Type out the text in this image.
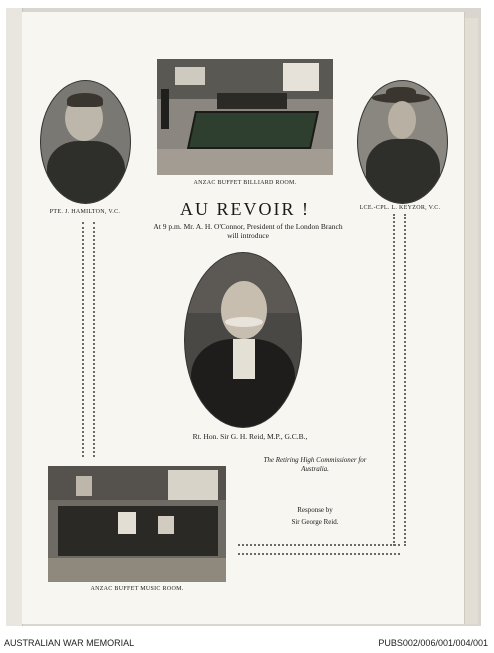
ANZAC BUFFET BILLIARD ROOM.
PTE. J. HAMILTON, V.C.
LCE.-CPL. L. KEYZOR, V.C.
AU REVOIR !
At 9 p.m. Mr. A. H. O'Connor, President of the London Branch
will introduce
Rt. Hon. Sir G. H. Reid, M.P., G.C.B.,
The Retiring High Commissioner for
Australia.
Response by
Sir George Reid.
ANZAC BUFFET MUSIC ROOM.
AUSTRALIAN WAR MEMORIAL	PUBS002/006/001/004/001
